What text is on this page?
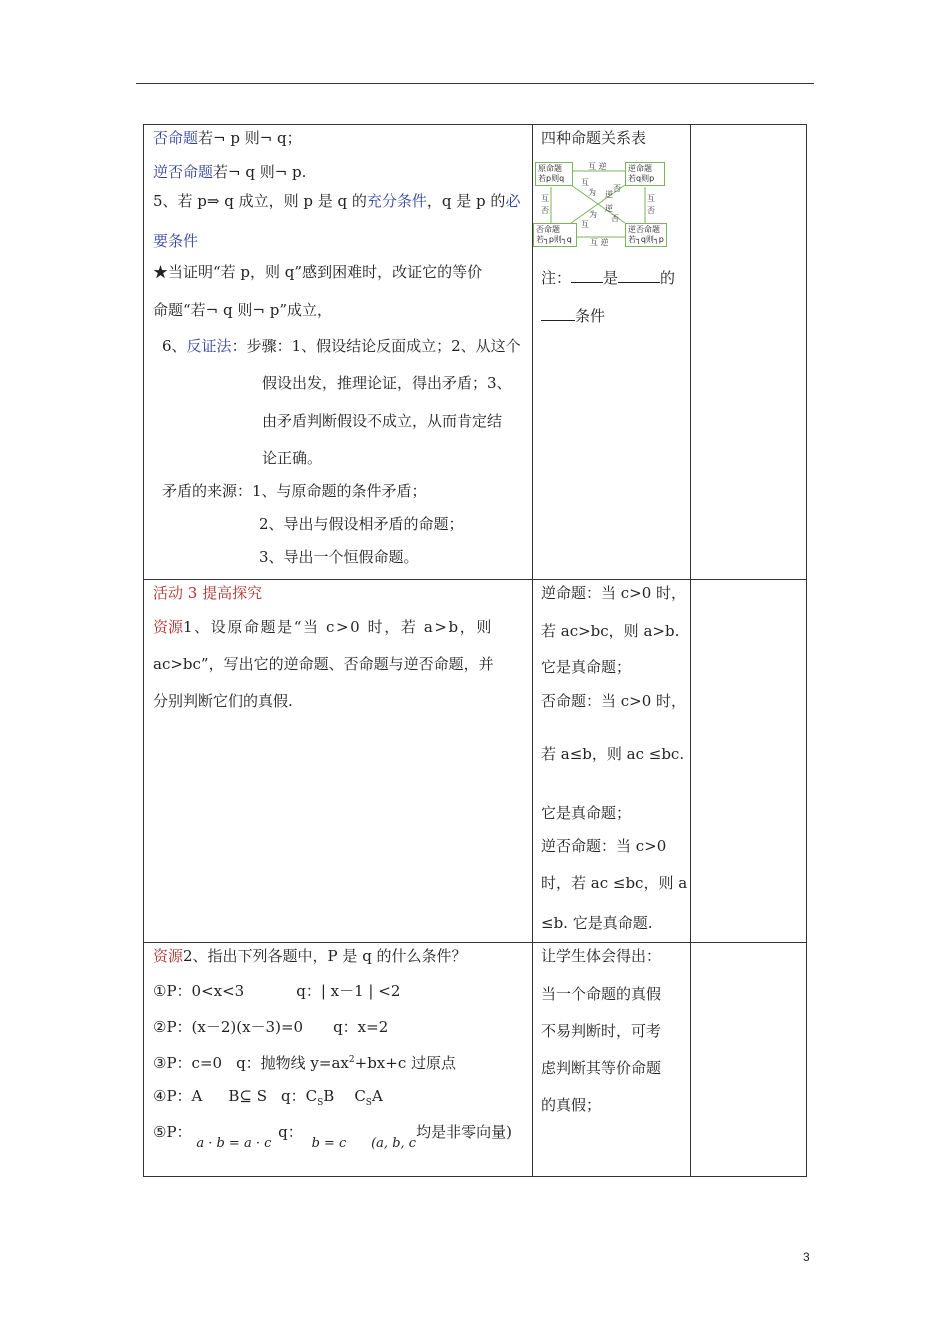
否命题若¬ p 则¬ q；
逆否命题若¬ q 则¬ p.
5、若 p⇒ q 成立，则 p 是 q 的充分条件，q 是 p 的必
要条件
★当证明“若 p，则 q”感到困难时，改证它的等价
命题“若¬ q 则¬ p”成立，
6、反证法：步骤：1、假设结论反面成立；2、从这个
假设出发，推理论证，得出矛盾；3、
由矛盾判断假设不成立，从而肯定结
论正确。
矛盾的来源：1、与原命题的条件矛盾；
2、导出与假设相矛盾的命题；
3、导出一个恒假命题。
四种命题关系表
原命题
若p则q
逆命题
若q则p
否命题
若┐p则┐q
逆否命题
若┐q则┐p
互 逆
互 逆
互
否
互
否
互
为 逆
否
逆
为 否
互
注： 是	的
条件
活动 3 提高探究
资源1、设原命题是“当 c>0 时，若 a>b，则
ac>bc”，写出它的逆命题、否命题与逆否命题，并
分别判断它们的真假.
逆命题：当 c>0 时，
若 ac>bc，则 a>b.
它是真命题；
否命题：当 c>0 时，
若 a≤b，则 ac ≤bc.
它是真命题；
逆否命题：当 c>0
时，若 ac ≤bc，则 a
≤b. 它是真命题.
资源2、指出下列各题中，P 是 q 的什么条件？
①P：0<x<3	q：| x－1 | <2
②P：(x－2)(x－3)=0 q：x=2
③P：c=0 q：抛物线 $y=ax^2+bx+c$ 过原点
④P：A B⊆ S q：$C_SB$ $C_SA$
⑤P： a · b = a · c q： b = c (a, b, c均是非零向量)
让学生体会得出：
当一个命题的真假
不易判断时，可考
虑判断其等价命题
的真假；
3
